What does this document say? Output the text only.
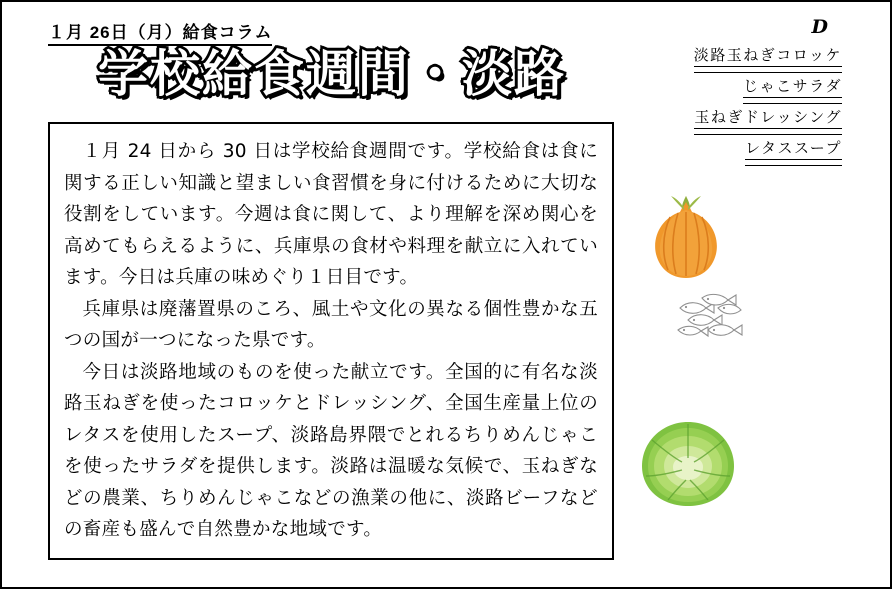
１月 26日（月）給食コラム
学校給食週間・淡路
D
淡路玉ねぎコロッケ じゃこサラダ 玉ねぎドレッシング レタススープ

１月 24 日から 30 日は学校給食週間です。学校給食は食に関する正しい知識と望ましい食習慣を身に付けるために大切な役割をしています。今週は食に関して、より理解を深め関心を高めてもらえるように、兵庫県の食材や料理を献立に入れています。今日は兵庫の味めぐり１日目です。

兵庫県は廃藩置県のころ、風土や文化の異なる個性豊かな五つの国が一つになった県です。

今日は淡路地域のものを使った献立です。全国的に有名な淡路玉ねぎを使ったコロッケとドレッシング、全国生産量上位のレタスを使用したスープ、淡路島界隈でとれるちりめんじゃこを使ったサラダを提供します。淡路は温暖な気候で、玉ねぎなどの農業、ちりめんじゃこなどの漁業の他に、淡路ビーフなどの畜産も盛んで自然豊かな地域です。
